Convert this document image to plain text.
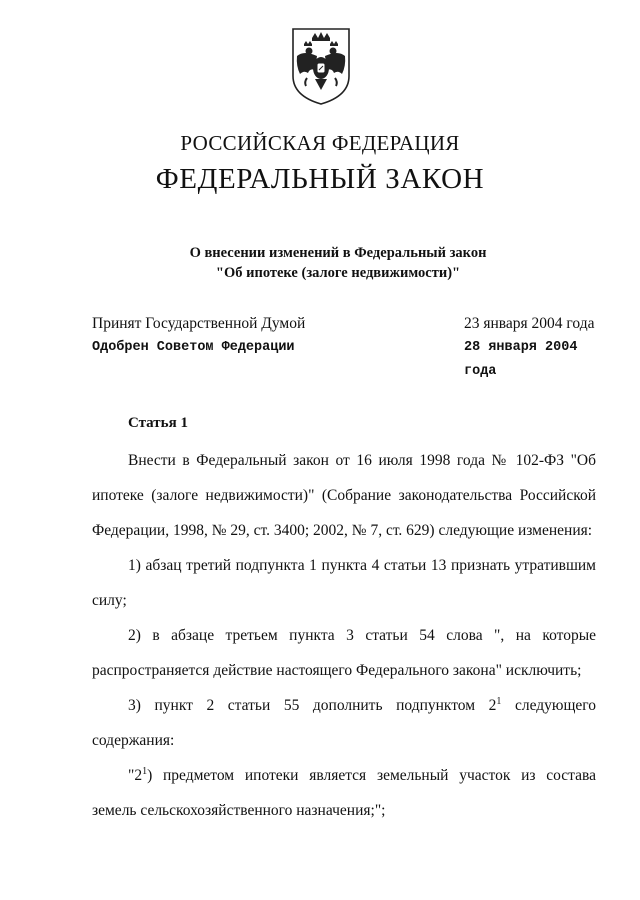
РОССИЙСКАЯ ФЕДЕРАЦИЯ
ФЕДЕРАЛЬНЫЙ ЗАКОН
О внесении изменений в Федеральный закон
"Об ипотеке (залоге недвижимости)"
Принят Государственной Думой	23 января 2004 года
Одобрен Советом Федерации	28 января 2004 года
Статья 1

Внести в Федеральный закон от 16 июля 1998 года № 102-ФЗ "Об ипотеке (залоге недвижимости)" (Собрание законодательства Российской Федерации, 1998, № 29, ст. 3400; 2002, № 7, ст. 629) следующие изменения:

1) абзац третий подпункта 1 пункта 4 статьи 13 признать утратившим силу;

2) в абзаце третьем пункта 3 статьи 54 слова ", на которые распространяется действие настоящего Федерального закона" исключить;

3) пункт 2 статьи 55 дополнить подпунктом $2^1$ следующего содержания:

"$2^1$) предметом ипотеки является земельный участок из состава земель сельскохозяйственного назначения;";
